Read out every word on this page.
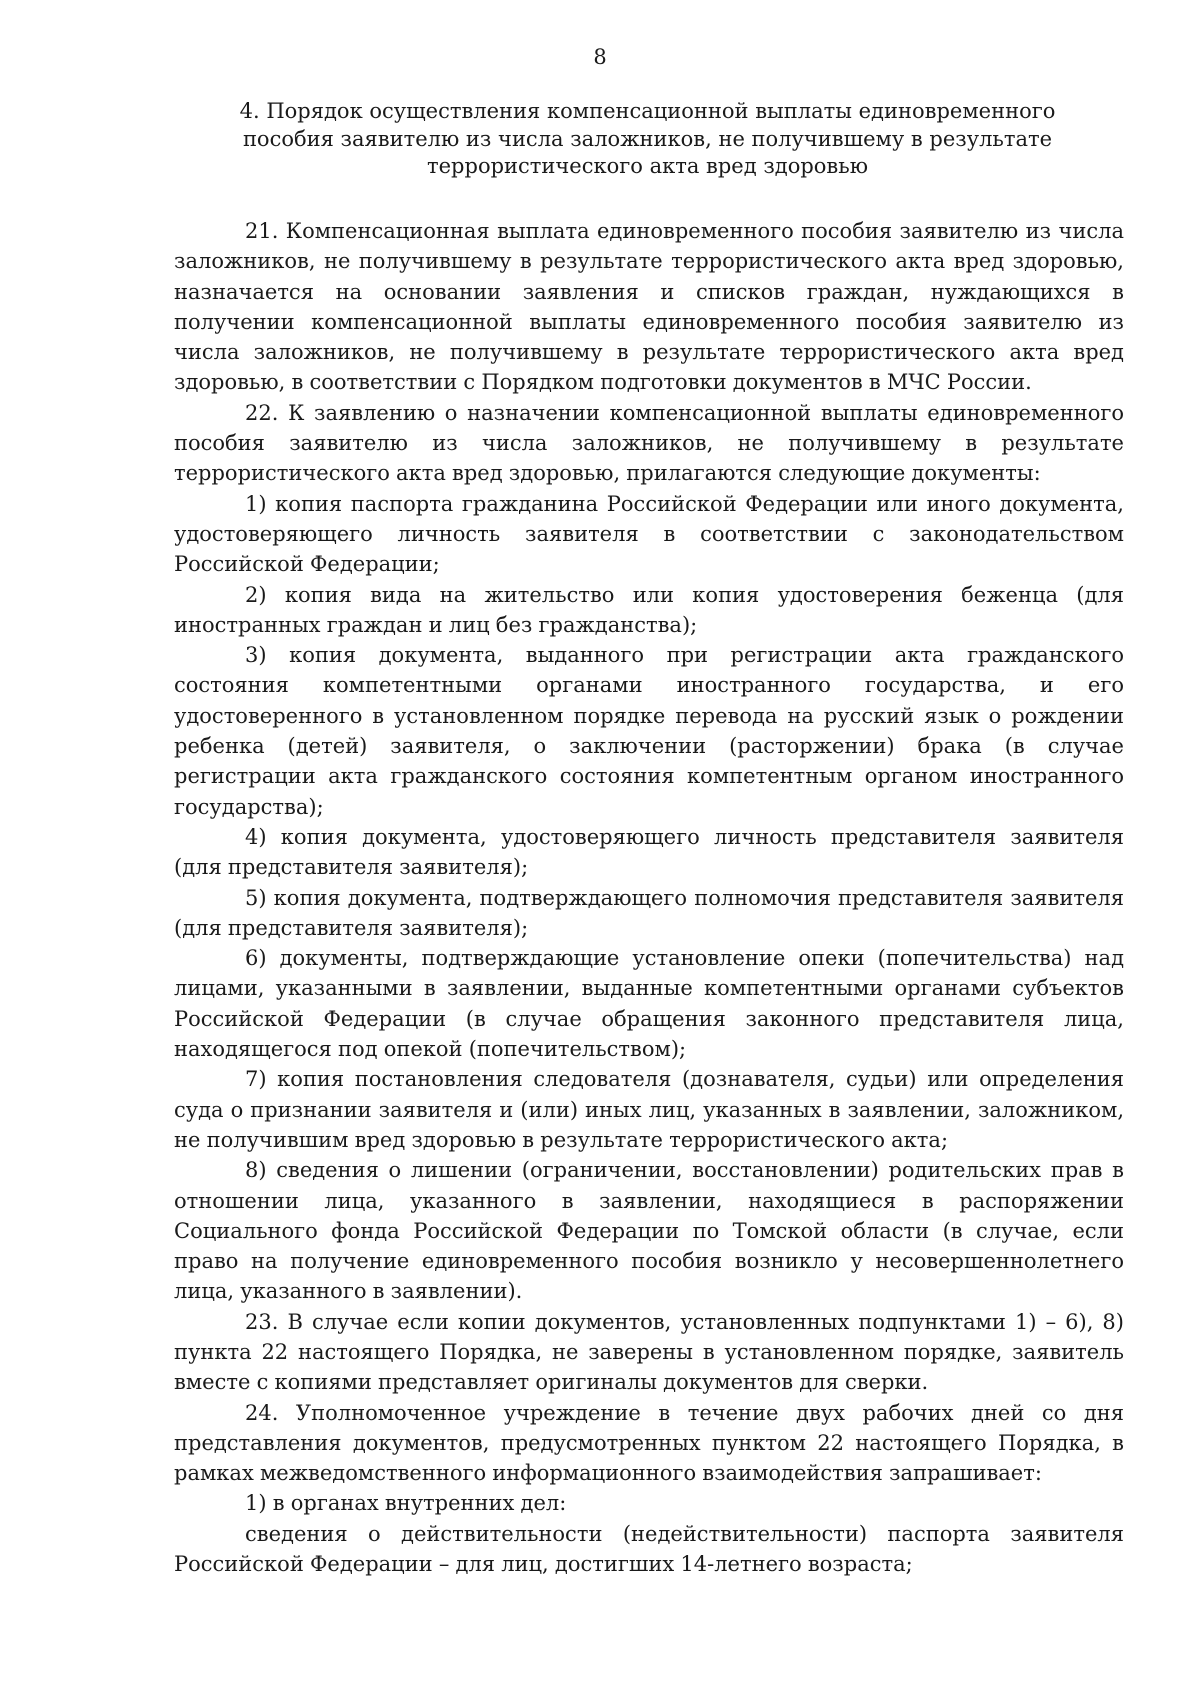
8
4. Порядок осуществления компенсационной выплаты единовременного
пособия заявителю из числа заложников, не получившему в результате
террористического акта вред здоровью

21. Компенсационная выплата единовременного пособия заявителю из числа заложников, не получившему в результате террористического акта вред здоровью, назначается на основании заявления и списков граждан, нуждающихся в получении компенсационной выплаты единовременного пособия заявителю из числа заложников, не получившему в результате террористического акта вред здоровью, в соответствии с Порядком подготовки документов в МЧС России.

22. К заявлению о назначении компенсационной выплаты единовременного пособия заявителю из числа заложников, не получившему в результате террористического акта вред здоровью, прилагаются следующие документы:

1) копия паспорта гражданина Российской Федерации или иного документа, удостоверяющего личность заявителя в соответствии с законодательством Российской Федерации;

2) копия вида на жительство или копия удостоверения беженца (для иностранных граждан и лиц без гражданства);

3) копия документа, выданного при регистрации акта гражданского состояния компетентными органами иностранного государства, и его удостоверенного в установленном порядке перевода на русский язык о рождении ребенка (детей) заявителя, о заключении (расторжении) брака (в случае регистрации акта гражданского состояния компетентным органом иностранного государства);

4) копия документа, удостоверяющего личность представителя заявителя (для представителя заявителя);

5) копия документа, подтверждающего полномочия представителя заявителя (для представителя заявителя);

6) документы, подтверждающие установление опеки (попечительства) над лицами, указанными в заявлении, выданные компетентными органами субъектов Российской Федерации (в случае обращения законного представителя лица, находящегося под опекой (попечительством);

7) копия постановления следователя (дознавателя, судьи) или определения суда о признании заявителя и (или) иных лиц, указанных в заявлении, заложником, не получившим вред здоровью в результате террористического акта;

8) сведения о лишении (ограничении, восстановлении) родительских прав в отношении лица, указанного в заявлении, находящиеся в распоряжении Социального фонда Российской Федерации по Томской области (в случае, если право на получение единовременного пособия возникло у несовершеннолетнего лица, указанного в заявлении).

23. В случае если копии документов, установленных подпунктами 1) – 6), 8) пункта 22 настоящего Порядка, не заверены в установленном порядке, заявитель вместе с копиями представляет оригиналы документов для сверки.

24. Уполномоченное учреждение в течение двух рабочих дней со дня представления документов, предусмотренных пунктом 22 настоящего Порядка, в рамках межведомственного информационного взаимодействия запрашивает:

1) в органах внутренних дел:

сведения о действительности (недействительности) паспорта заявителя Российской Федерации – для лиц, достигших 14-летнего возраста;
